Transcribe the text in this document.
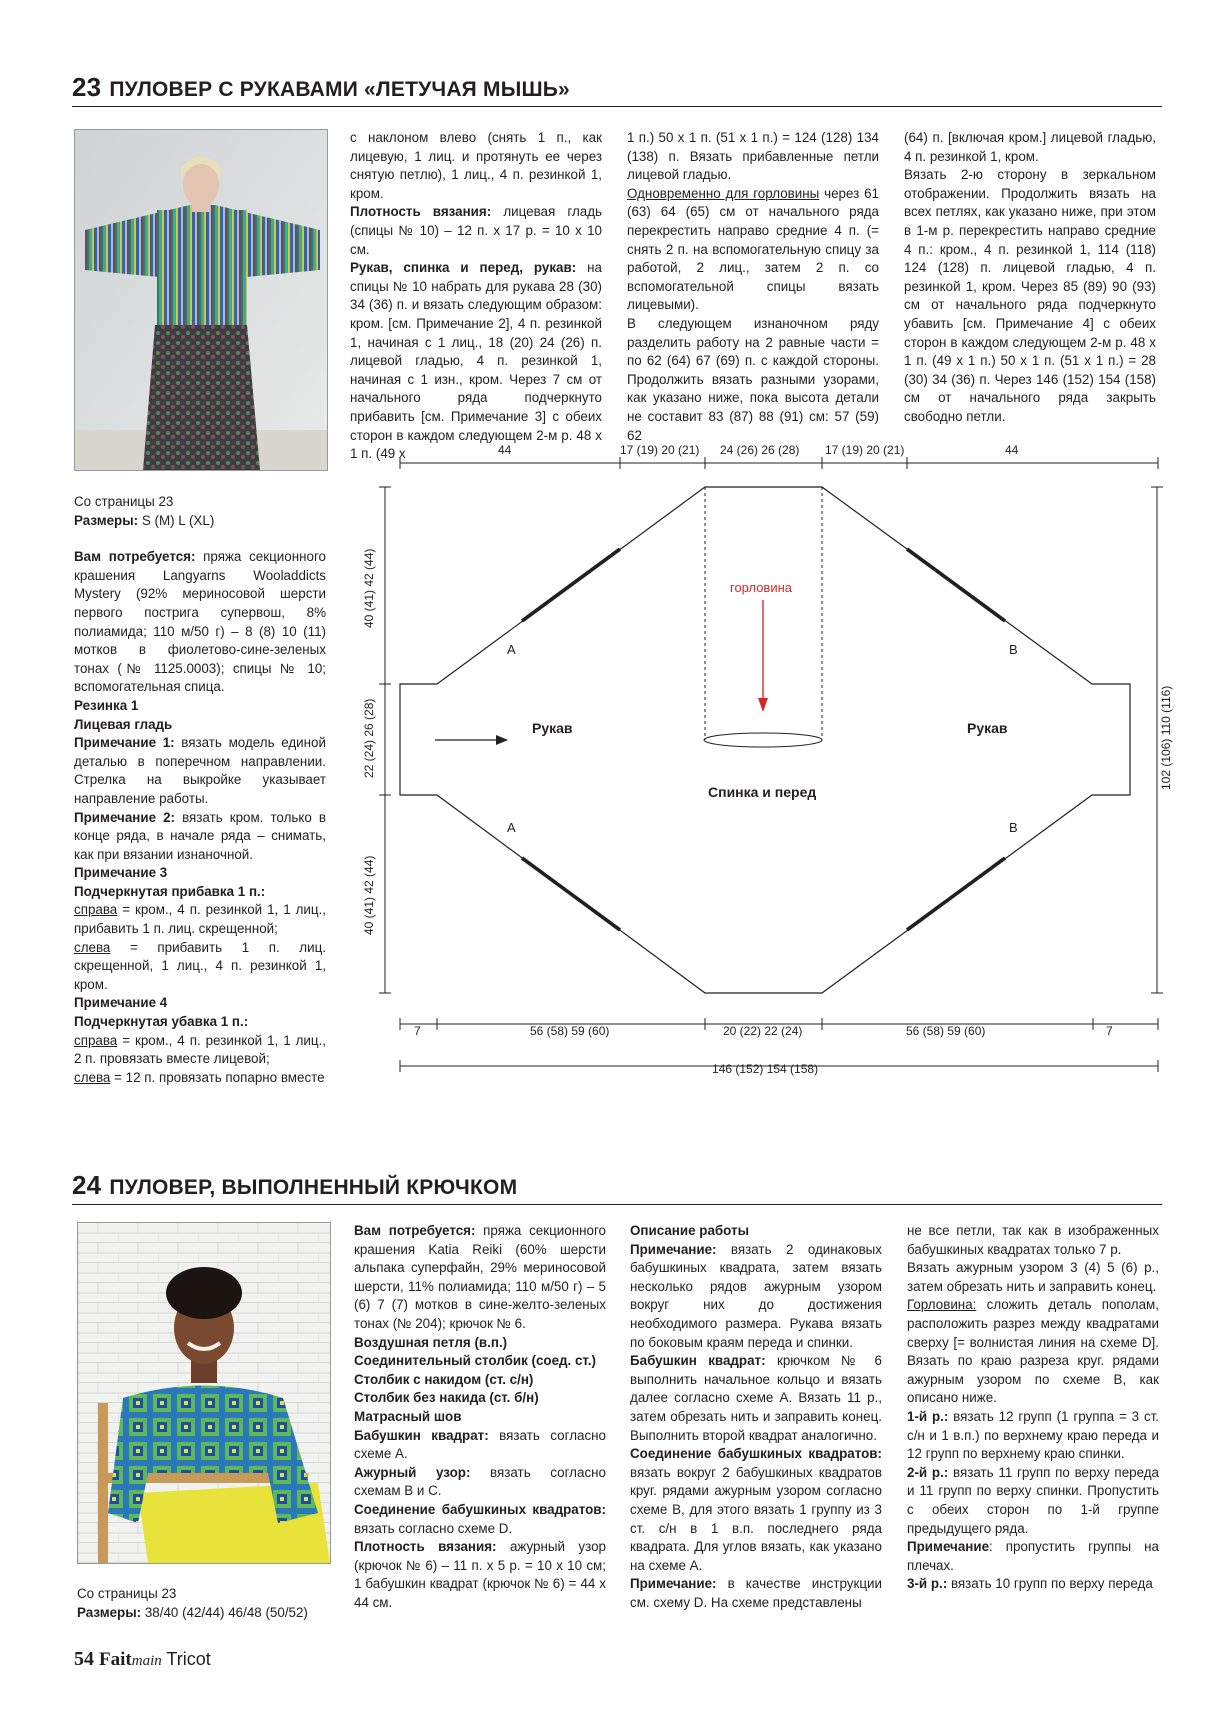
23 ПУЛОВЕР С РУКАВАМИ «ЛЕТУЧАЯ МЫШЬ»

Со страницы 23

Размеры: S (M) L (XL)

Вам потребуется: пряжа секционного крашения Langyarns Wooladdicts Mystery (92% мериносовой шерсти первого пострига супервош, 8% полиамида; 110 м/50 г) – 8 (8) 10 (11) мотков в фиолетово-сине-зеленых тонах (№ 1125.0003); спицы № 10; вспомогательная спица.

Резинка 1

Лицевая гладь

Примечание 1: вязать модель единой деталью в поперечном направлении. Стрелка на выкройке указывает направление работы.

Примечание 2: вязать кром. только в конце ряда, в начале ряда – снимать, как при вязании изнаночной.

Примечание 3

Подчеркнутая прибавка 1 п.:

справа = кром., 4 п. резинкой 1, 1 лиц., прибавить 1 п. лиц. скрещенной;

слева = прибавить 1 п. лиц. скрещенной, 1 лиц., 4 п. резинкой 1, кром.

Примечание 4

Подчеркнутая убавка 1 п.:

справа = кром., 4 п. резинкой 1, 1 лиц., 2 п. провязать вместе лицевой;

слева = 12 п. провязать попарно вместе

с наклоном влево (снять 1 п., как лицевую, 1 лиц. и протянуть ее через снятую петлю), 1 лиц., 4 п. резинкой 1, кром.

Плотность вязания: лицевая гладь (спицы № 10) – 12 п. х 17 р. = 10 х 10 см.

Рукав, спинка и перед, рукав: на спицы № 10 набрать для рукава 28 (30) 34 (36) п. и вязать следующим образом: кром. [см. Примечание 2], 4 п. резинкой 1, начиная с 1 лиц., 18 (20) 24 (26) п. лицевой гладью, 4 п. резинкой 1, начиная с 1 изн., кром. Через 7 см от начального ряда подчеркнуто прибавить [см. Примечание 3] с обеих сторон в каждом следующем 2-м р. 48 х 1 п. (49 х

1 п.) 50 х 1 п. (51 х 1 п.) = 124 (128) 134 (138) п. Вязать прибавленные петли лицевой гладью.

Одновременно для горловины через 61 (63) 64 (65) см от начального ряда перекрестить направо средние 4 п. (= снять 2 п. на вспомогательную спицу за работой, 2 лиц., затем 2 п. со вспомогательной спицы вязать лицевыми).

В следующем изнаночном ряду разделить работу на 2 равные части = по 62 (64) 67 (69) п. с каждой стороны. Продолжить вязать разными узорами, как указано ниже, пока высота детали не составит 83 (87) 88 (91) см: 57 (59) 62

(64) п. [включая кром.] лицевой гладью, 4 п. резинкой 1, кром.

Вязать 2-ю сторону в зеркальном отображении. Продолжить вязать на всех петлях, как указано ниже, при этом в 1-м р. перекрестить направо средние 4 п.: кром., 4 п. резинкой 1, 114 (118) 124 (128) п. лицевой гладью, 4 п. резинкой 1, кром. Через 85 (89) 90 (93) см от начального ряда подчеркнуто убавить [см. Примечание 4] с обеих сторон в каждом следующем 2-м р. 48 х 1 п. (49 х 1 п.) 50 х 1 п. (51 х 1 п.) = 28 (30) 34 (36) п. Через 146 (152) 154 (158) см от начального ряда закрыть свободно петли.

44	17 (19) 20 (21) 24 (26) 26 (28) 17 (19) 20 (21)	44
40 (41) 42 (44)
22 (24) 26 (28)
40 (41) 42 (44)
102 (106) 110 (116)
горловина
Рукав	Рукав
Спинка и перед
A
A
B
B
7	56 (58) 59 (60)	20 (22) 22 (24)	56 (58) 59 (60)	7
146 (152) 154 (158)
24 ПУЛОВЕР, ВЫПОЛНЕННЫЙ КРЮЧКОМ

Со страницы 23

Размеры: 38/40 (42/44) 46/48 (50/52)

Вам потребуется: пряжа секционного крашения Katia Reiki (60% шерсти альпака суперфайн, 29% мериносовой шерсти, 11% полиамида; 110 м/50 г) – 5 (6) 7 (7) мотков в сине-желто-зеленых тонах (№ 204); крючок № 6.

Воздушная петля (в.п.)

Соединительный столбик (соед. ст.)

Столбик с накидом (ст. с/н)

Столбик без накида (ст. б/н)

Матрасный шов

Бабушкин квадрат: вязать согласно схеме A.

Ажурный узор: вязать согласно схемам B и C.

Соединение бабушкиных квадратов: вязать согласно схеме D.

Плотность вязания: ажурный узор (крючок № 6) – 11 п. х 5 р. = 10 х 10 см; 1 бабушкин квадрат (крючок № 6) = 44 х 44 см.

Описание работы

Примечание: вязать 2 одинаковых бабушкиных квадрата, затем вязать несколько рядов ажурным узором вокруг них до достижения необходимого размера. Рукава вязать по боковым краям переда и спинки.

Бабушкин квадрат: крючком № 6 выполнить начальное кольцо и вязать далее согласно схеме A. Вязать 11 р., затем обрезать нить и заправить конец. Выполнить второй квадрат аналогично.

Соединение бабушкиных квадратов: вязать вокруг 2 бабушкиных квадратов круг. рядами ажурным узором согласно схеме B, для этого вязать 1 группу из 3 ст. с/н в 1 в.п. последнего ряда квадрата. Для углов вязать, как указано на схеме A.

Примечание: в качестве инструкции см. схему D. На схеме представлены

не все петли, так как в изображенных бабушкиных квадратах только 7 р.

Вязать ажурным узором 3 (4) 5 (6) р., затем обрезать нить и заправить конец.

Горловина: сложить деталь пополам, расположить разрез между квадратами сверху [= волнистая линия на схеме D]. Вязать по краю разреза круг. рядами ажурным узором по схеме B, как описано ниже.

1-й р.: вязать 12 групп (1 группа = 3 ст. с/н и 1 в.п.) по верхнему краю переда и 12 групп по верхнему краю спинки.

2-й р.: вязать 11 групп по верху переда и 11 групп по верху спинки. Пропустить с обеих сторон по 1-й группе предыдущего ряда.

Примечание: пропустить группы на плечах.

3-й р.: вязать 10 групп по верху переда

54 Faitmain Tricot
